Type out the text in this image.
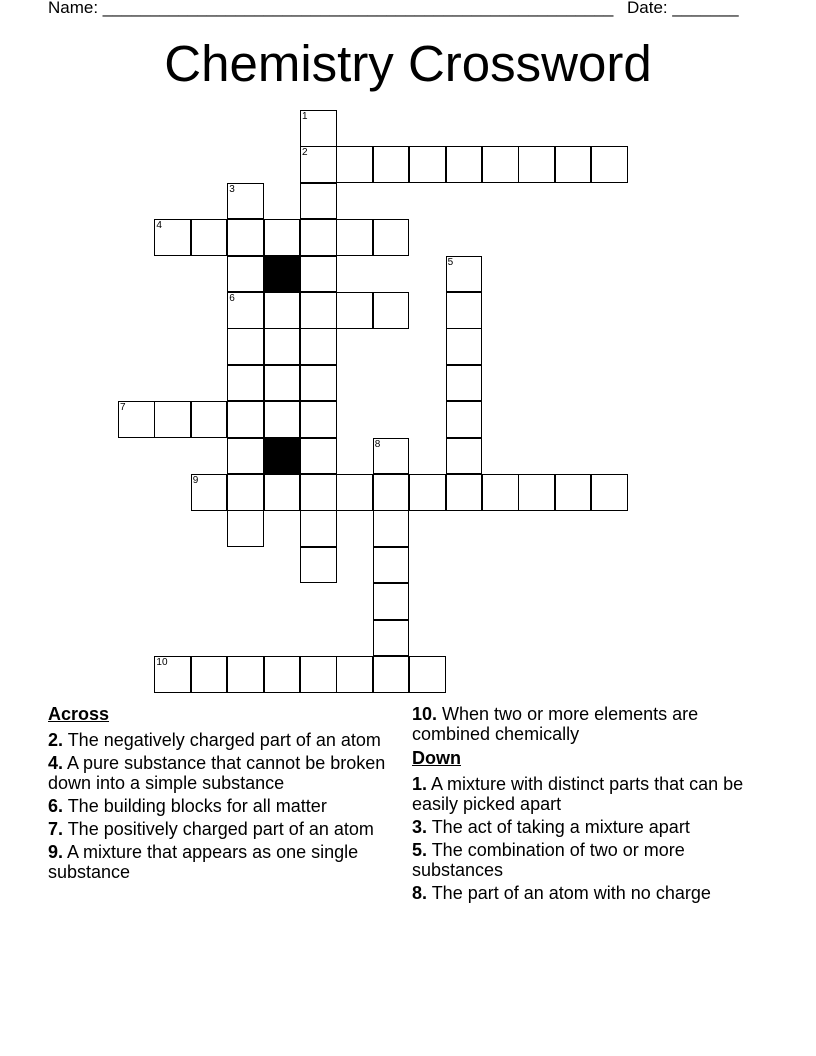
Name: ______________________________________________________ Date: _______
Chemistry Crossword
1
2
3
4
5
6
7
8
9
10
Across
2. The negatively charged part of an atom
4. A pure substance that cannot be broken down into a simple substance
6. The building blocks for all matter
7. The positively charged part of an atom
9. A mixture that appears as one single substance
10. When two or more elements are combined chemically
Down
1. A mixture with distinct parts that can be easily picked apart
3. The act of taking a mixture apart
5. The combination of two or more substances
8. The part of an atom with no charge
